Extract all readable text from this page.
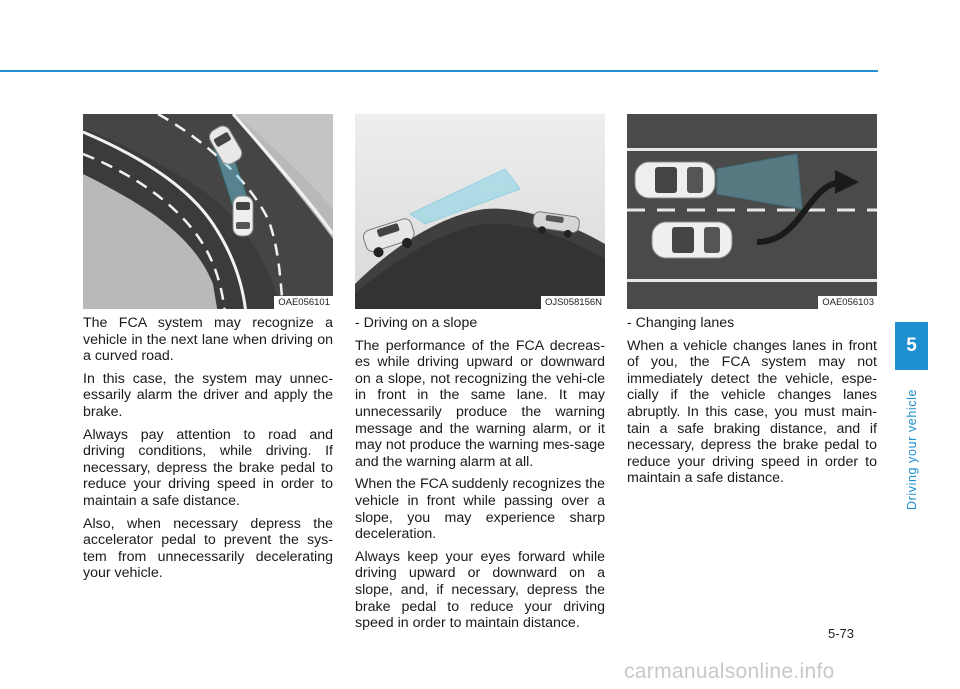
OAE056101	OJS058156N	OAE056103

The FCA system may recognize a vehicle in the next lane when driving on a curved road.

In this case, the system may unnec-essarily alarm the driver and apply the brake.

Always pay attention to road and driving conditions, while driving. If necessary, depress the brake pedal to reduce your driving speed in order to maintain a safe distance.

Also, when necessary depress the accelerator pedal to prevent the sys-tem from unnecessarily decelerating your vehicle.

- Driving on a slope

The performance of the FCA decreas-es while driving upward or downward on a slope, not recognizing the vehi-cle in front in the same lane. It may unnecessarily produce the warning message and the warning alarm, or it may not produce the warning mes-sage and the warning alarm at all.

When the FCA suddenly recognizes the vehicle in front while passing over a slope, you may experience sharp deceleration.

Always keep your eyes forward while driving upward or downward on a slope, and, if necessary, depress the brake pedal to reduce your driving speed in order to maintain distance.

- Changing lanes

When a vehicle changes lanes in front of you, the FCA system may not immediately detect the vehicle, espe-cially if the vehicle changes lanes abruptly. In this case, you must main-tain a safe braking distance, and if necessary, depress the brake pedal to reduce your driving speed in order to maintain a safe distance.

5
Driving your vehicle
5-73
carmanualsonline.info
